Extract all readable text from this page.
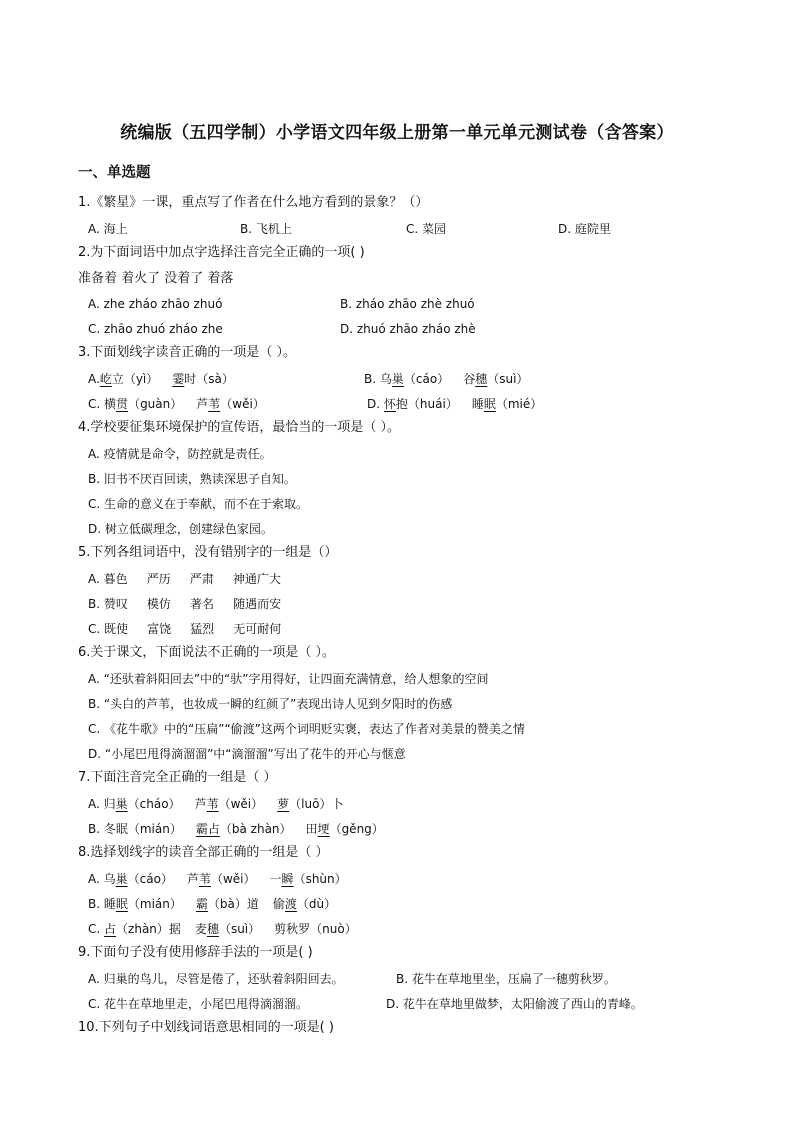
统编版（五四学制）小学语文四年级上册第一单元单元测试卷（含答案）
一、单选题
1.《繁星》一课，重点写了作者在什么地方看到的景象？（）
A. 海上	B. 飞机上	C. 菜园	D. 庭院里
2.为下面词语中加点字选择注音完全正确的一项( )
准备着 着火了 没着了 着落
A. zhe zháo zhāo zhuó	B. zháo zhāo zhè zhuó
C. zhāo zhuó zháo zhe	D. zhuó zhāo zháo zhè
3.下面划线字读音正确的一项是（ ）。
A.屹立（yì） 霎时（sà）	B. 乌巢（cáo） 谷穗（suì）
C. 横贯（guàn） 芦苇（wěi）	D. 怀抱（huái） 睡眠（mié）
4.学校要征集环境保护的宣传语，最恰当的一项是（ ）。
A. 疫情就是命令，防控就是责任。
B. 旧书不厌百回读，熟读深思子自知。
C. 生命的意义在于奉献，而不在于索取。
D. 树立低碳理念，创建绿色家园。
5.下列各组词语中，没有错别字的一组是（）
A. 暮色     严历     严肃     神通广大
B. 赞叹     模仿     著名     随遇而安
C. 既使     富饶     猛烈     无可耐何
6.关于课文，下面说法不正确的一项是（ ）。
A. “还驮着斜阳回去”中的“驮”字用得好，让四面充满情意，给人想象的空间
B. “头白的芦苇，也妆成一瞬的红颜了”表现出诗人见到夕阳时的伤感
C. 《花牛歌》中的“压扁”“偷渡”这两个词明贬实褒，表达了作者对美景的赞美之情
D. “小尾巴甩得滴溜溜”中“滴溜溜”写出了花牛的开心与惬意
7.下面注音完全正确的一组是（ ）
A. 归巢（cháo） 芦苇（wěi） 萝（luō）卜
B. 冬眠（mián） 霸占（bà zhàn） 田埂（gěng）
8.选择划线字的读音全部正确的一组是（ ）
A. 乌巢（cáo） 芦苇（wěi） 一瞬（shùn）
B. 睡眠（mián） 霸（bà）道 偷渡（dù）
C. 占（zhàn）据 麦穗（suì） 剪秋罗（nuò）
9.下面句子没有使用修辞手法的一项是( )
A. 归巢的鸟儿，尽管是倦了，还驮着斜阳回去。	B. 花牛在草地里坐，压扁了一穗剪秋罗。
C. 花牛在草地里走，小尾巴甩得滴溜溜。	D. 花牛在草地里做梦，太阳偷渡了西山的青峰。
10.下列句子中划线词语意思相同的一项是( )
